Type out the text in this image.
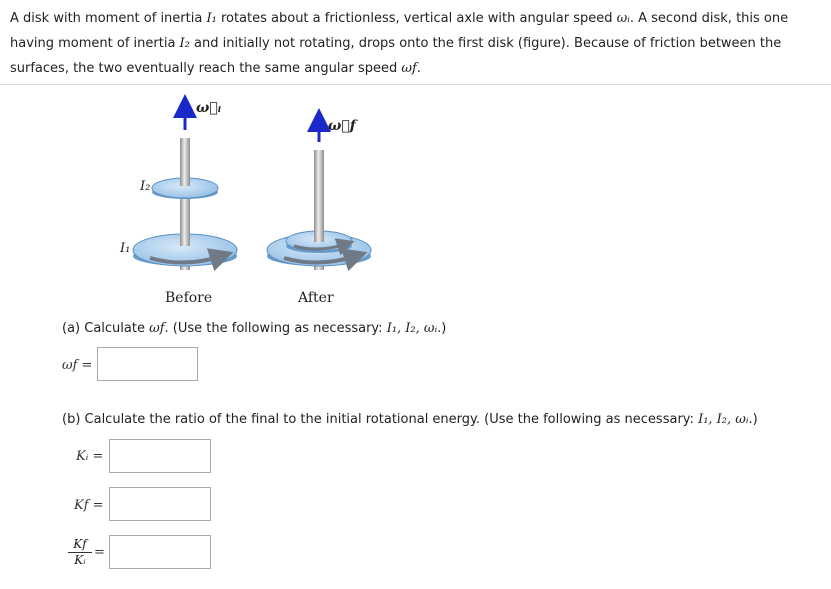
A disk with moment of inertia I₁ rotates about a frictionless, vertical axle with angular speed ωᵢ. A second disk, this one having moment of inertia I₂ and initially not rotating, drops onto the first disk (figure). Because of friction between the surfaces, the two eventually reach the same angular speed ωf.
ω⃗ᵢ
I₂
I₁
Before
ω⃗f
After
(a) Calculate ωf. (Use the following as necessary: I₁, I₂, ωᵢ.)
ωf =
(b) Calculate the ratio of the final to the initial rotational energy. (Use the following as necessary: I₁, I₂, ωᵢ.)
Kᵢ =
Kf =
$\frac{Kf}{\text{Kᵢ}}$ =
